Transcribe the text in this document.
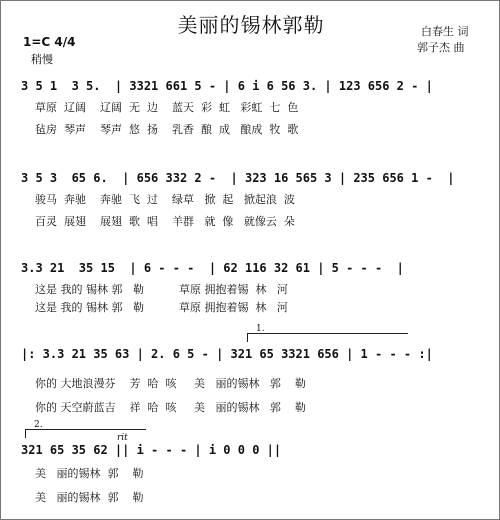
美丽的锡林郭勒
1=C 4/4
稍慢
白春生 词
郭子杰 曲
3 5 1  3 5.  | 3321 661 5 - | 6 i 6 56 3. | 123 656 2 - |
草原  辽阔    辽阔  无  边    蓝天  彩  虹   彩虹  七  色
毡房  琴声    琴声  悠  扬    乳香  酿  成   酿成  牧  歌
3 5 3  65 6.  | 656 332 2 -  | 323 16 565 3 | 235 656 1 -  |
骏马  奔驰    奔驰  飞  过    绿草   掀  起   掀起浪  波
百灵  展翅    展翅  歌  唱    羊群   就  像   就像云  朵
3.3 21  35 15  | 6 - - -  | 62 116 32 61 | 5 - - -  |
这是 我的 锡林 郭   勒          草原 拥抱着锡  林   河
这是 我的 锡林 郭   勒          草原 拥抱着锡  林   河
1.
|: 3.3 21 35 63 | 2. 6 5 - | 321 65 3321 656 | 1 - - - :|
你的 大地浪漫芬    芳  哈  咳     美   丽的锡林   郭    勒
你的 天空蔚蓝吉    祥  哈  咳     美   丽的锡林   郭    勒
2.
rit
321 65 35 62 || i - - - | i 0 0 0 ||
美   丽的锡林  郭    勒
美   丽的锡林  郭    勒
